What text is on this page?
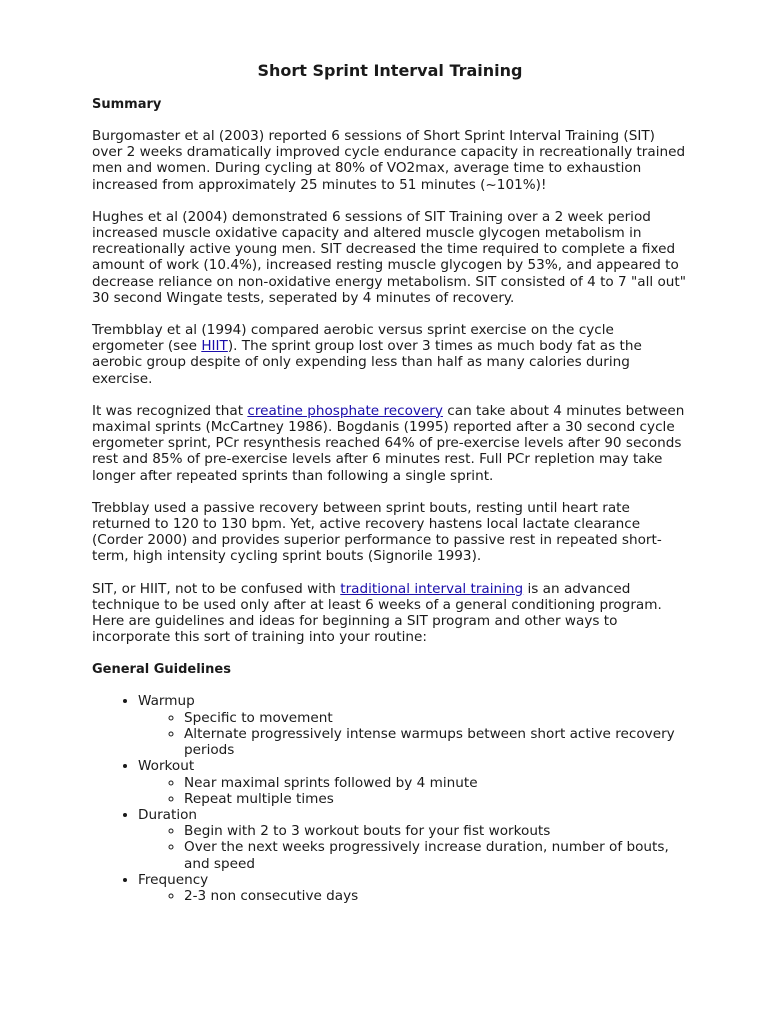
Short Sprint Interval Training
Summary

Burgomaster et al (2003) reported 6 sessions of Short Sprint Interval Training (SIT) over 2 weeks dramatically improved cycle endurance capacity in recreationally trained men and women. During cycling at 80% of VO2max, average time to exhaustion increased from approximately 25 minutes to 51 minutes (~101%)!

Hughes et al (2004) demonstrated 6 sessions of SIT Training over a 2 week period increased muscle oxidative capacity and altered muscle glycogen metabolism in recreationally active young men. SIT decreased the time required to complete a fixed amount of work (10.4%), increased resting muscle glycogen by 53%, and appeared to decrease reliance on non-oxidative energy metabolism. SIT consisted of 4 to 7 "all out" 30 second Wingate tests, seperated by 4 minutes of recovery.

Trembblay et al (1994) compared aerobic versus sprint exercise on the cycle ergometer (see HIIT). The sprint group lost over 3 times as much body fat as the aerobic group despite of only expending less than half as many calories during exercise.

It was recognized that creatine phosphate recovery can take about 4 minutes between maximal sprints (McCartney 1986). Bogdanis (1995) reported after a 30 second cycle ergometer sprint, PCr resynthesis reached 64% of pre-exercise levels after 90 seconds rest and 85% of pre-exercise levels after 6 minutes rest. Full PCr repletion may take longer after repeated sprints than following a single sprint.

Trebblay used a passive recovery between sprint bouts, resting until heart rate returned to 120 to 130 bpm. Yet, active recovery hastens local lactate clearance (Corder 2000) and provides superior performance to passive rest in repeated short-term, high intensity cycling sprint bouts (Signorile 1993).

SIT, or HIIT, not to be confused with traditional interval training is an advanced technique to be used only after at least 6 weeks of a general conditioning program. Here are guidelines and ideas for beginning a SIT program and other ways to incorporate this sort of training into your routine:

General Guidelines
• Warmup
◦ Specific to movement
◦ Alternate progressively intense warmups between short active recovery periods
• Workout
◦ Near maximal sprints followed by 4 minute
◦ Repeat multiple times
• Duration
◦ Begin with 2 to 3 workout bouts for your fist workouts
◦ Over the next weeks progressively increase duration, number of bouts, and speed
• Frequency
◦ 2-3 non consecutive days
